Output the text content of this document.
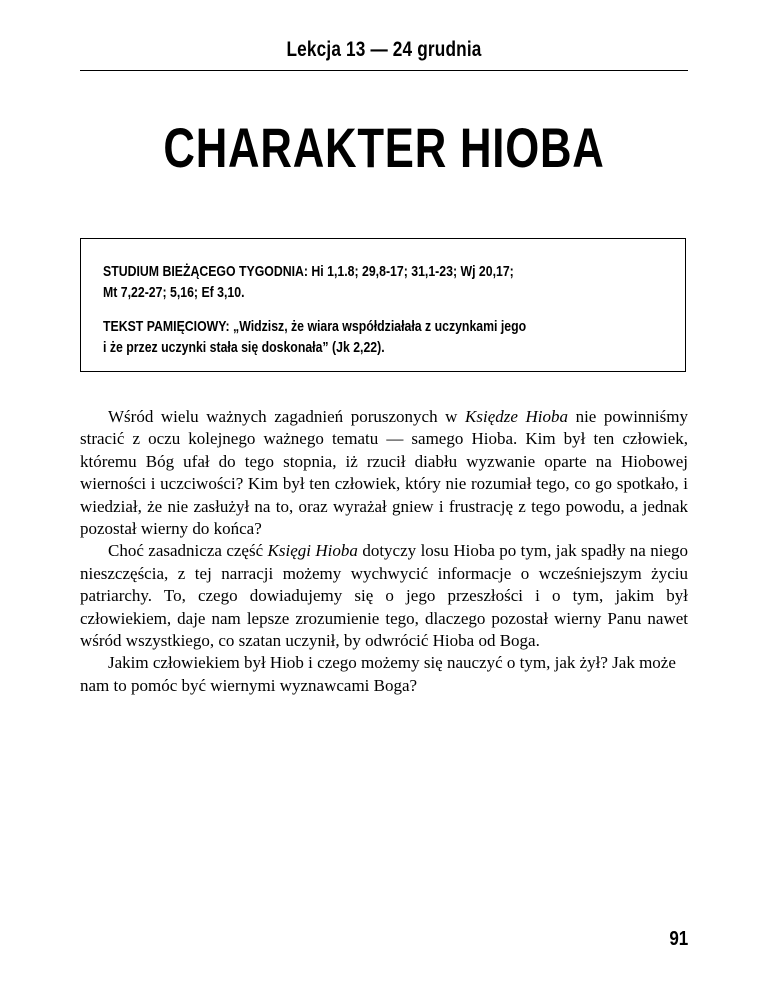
Lekcja 13 — 24 grudnia
CHARAKTER HIOBA
STUDIUM BIEŻĄCEGO TYGODNIA: Hi 1,1.8; 29,8-17; 31,1-23; Wj 20,17;
Mt 7,22-27; 5,16; Ef 3,10.
TEKST PAMIĘCIOWY: „Widzisz, że wiara współdziałała z uczynkami jego
i że przez uczynki stała się doskonała” (Jk 2,22).

Wśród wielu ważnych zagadnień poruszonych w Księdze Hioba nie powinniśmy stracić z oczu kolejnego ważnego tematu — samego Hioba. Kim był ten człowiek, któremu Bóg ufał do tego stopnia, iż rzucił diabłu wyzwanie oparte na Hiobowej wierności i uczciwości? Kim był ten człowiek, który nie rozumiał tego, co go spotkało, i wiedział, że nie zasłużył na to, oraz wyrażał gniew i frustrację z tego powodu, a jednak pozostał wierny do końca?

Choć zasadnicza część Księgi Hioba dotyczy losu Hioba po tym, jak spadły na niego nieszczęścia, z tej narracji możemy wychwycić informacje o wcześniejszym życiu patriarchy. To, czego dowiadujemy się o jego przeszłości i o tym, jakim był człowiekiem, daje nam lepsze zrozumienie tego, dlaczego pozostał wierny Panu nawet wśród wszystkiego, co szatan uczynił, by odwrócić Hioba od Boga.

Jakim człowiekiem był Hiob i czego możemy się nauczyć o tym, jak żył? Jak może nam to pomóc być wiernymi wyznawcami Boga?

91
